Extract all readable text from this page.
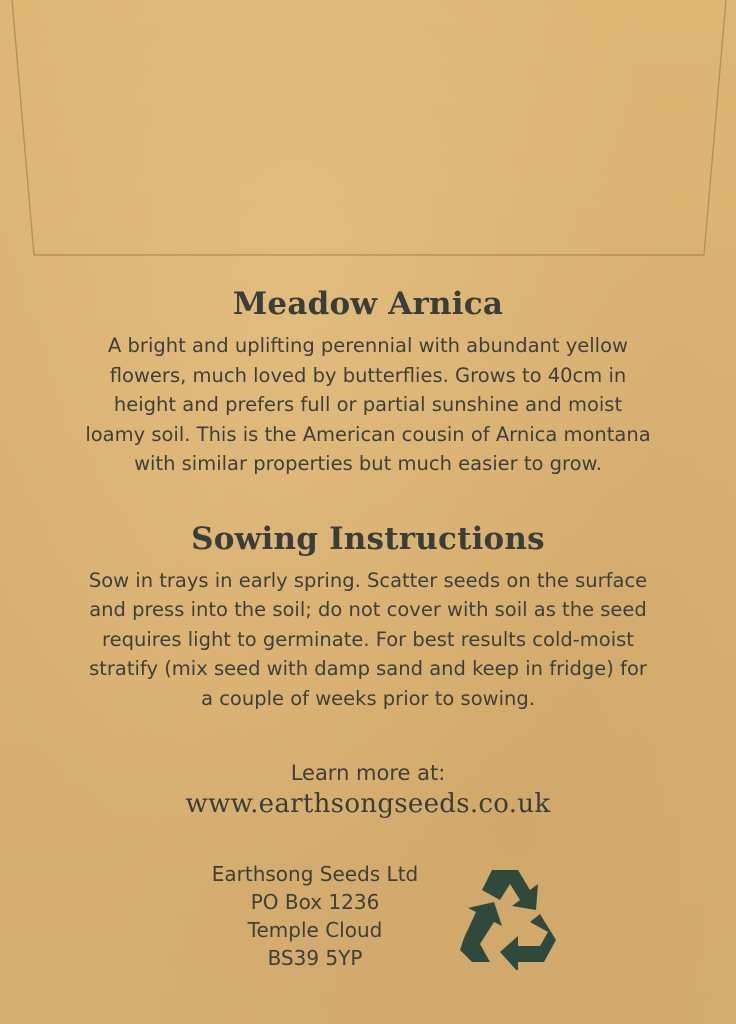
Meadow Arnica

A bright and uplifting perennial with abundant yellow
flowers, much loved by butterflies. Grows to 40cm in
height and prefers full or partial sunshine and moist
loamy soil. This is the American cousin of Arnica montana
with similar properties but much easier to grow.

Sowing Instructions

Sow in trays in early spring. Scatter seeds on the surface
and press into the soil; do not cover with soil as the seed
requires light to germinate. For best results cold-moist
stratify (mix seed with damp sand and keep in fridge) for
a couple of weeks prior to sowing.

Learn more at:
www.earthsongseeds.co.uk
Earthsong Seeds Ltd
PO Box 1236
Temple Cloud
BS39 5YP
